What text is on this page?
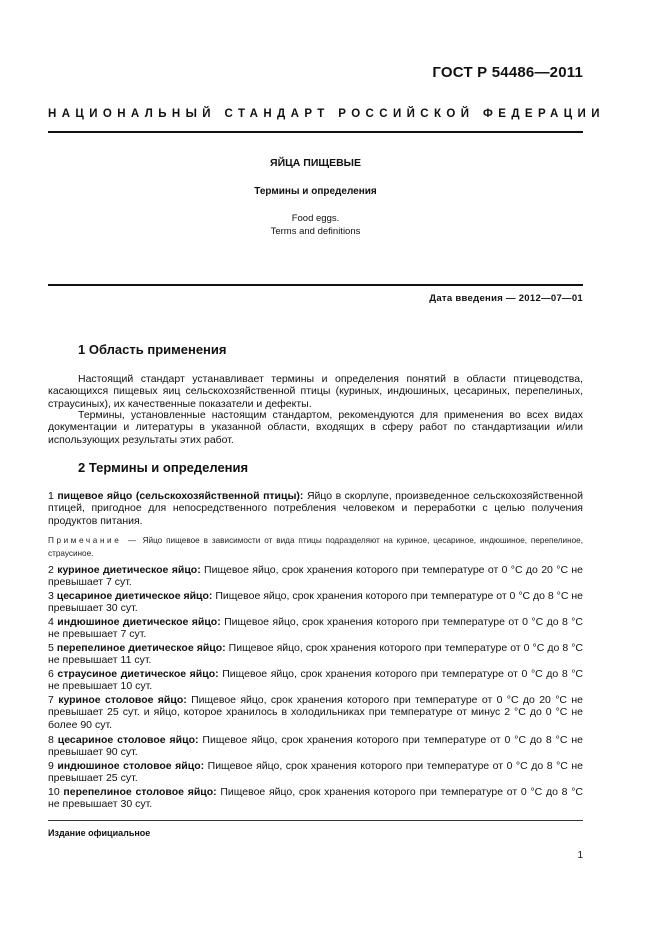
ГОСТ Р 54486—2011
НАЦИОНАЛЬНЫЙ СТАНДАРТ РОССИЙСКОЙ ФЕДЕРАЦИИ
ЯЙЦА ПИЩЕВЫЕ
Термины и определения
Food eggs.
Terms and definitions
Дата введения — 2012—07—01
1 Область применения
Настоящий стандарт устанавливает термины и определения понятий в области птицеводства, касающихся пищевых яиц сельскохозяйственной птицы (куриных, индюшиных, цесариных, перепелиных, страусиных), их качественные показатели и дефекты.
Термины, установленные настоящим стандартом, рекомендуются для применения во всех видах документации и литературы в указанной области, входящих в сферу работ по стандартизации и/или использующих результаты этих работ.
2 Термины и определения
1 пищевое яйцо (сельскохозяйственной птицы): Яйцо в скорлупе, произведенное сельскохозяйственной птицей, пригодное для непосредственного потребления человеком и переработки с целью получения продуктов питания.
Примечание — Яйцо пищевое в зависимости от вида птицы подразделяют на куриное, цесариное, индюшиное, перепелиное, страусиное.
2 куриное диетическое яйцо: Пищевое яйцо, срок хранения которого при температуре от 0 °С до 20 °С не превышает 7 сут.
3 цесариное диетическое яйцо: Пищевое яйцо, срок хранения которого при температуре от 0 °С до 8 °С не превышает 30 сут.
4 индюшиное диетическое яйцо: Пищевое яйцо, срок хранения которого при температуре от 0 °С до 8 °С не превышает 7 сут.
5 перепелиное диетическое яйцо: Пищевое яйцо, срок хранения которого при температуре от 0 °С до 8 °С не превышает 11 сут.
6 страусиное диетическое яйцо: Пищевое яйцо, срок хранения которого при температуре от 0 °С до 8 °С не превышает 10 сут.
7 куриное столовое яйцо: Пищевое яйцо, срок хранения которого при температуре от 0 °С до 20 °С не превышает 25 сут. и яйцо, которое хранилось в холодильниках при температуре от минус 2 °С до 0 °С не более 90 сут.
8 цесариное столовое яйцо: Пищевое яйцо, срок хранения которого при температуре от 0 °С до 8 °С не превышает 90 сут.
9 индюшиное столовое яйцо: Пищевое яйцо, срок хранения которого при температуре от 0 °С до 8 °С не превышает 25 сут.
10 перепелиное столовое яйцо: Пищевое яйцо, срок хранения которого при температуре от 0 °С до 8 °С не превышает 30 сут.
Издание официальное
1
